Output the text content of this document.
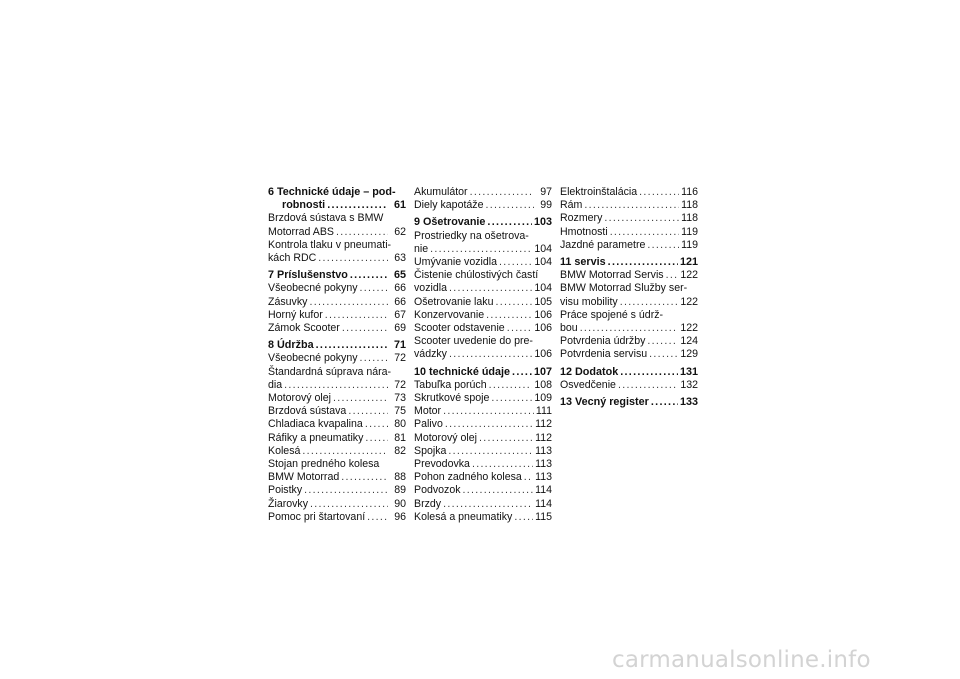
6 Technické údaje – pod-
robnosti .....	61
Brzdová sústava s BMW
Motorrad ABS .....	62
Kontrola tlaku v pneumati-
kách RDC .....	63
7 Príslušenstvo .....	65
Všeobecné pokyny .....	66
Zásuvky .....	66
Horný kufor .....	67
Zámok Scooter .....	69
8 Údržba .....	71
Všeobecné pokyny .....	72
Štandardná súprava nára-
dia .....	72
Motorový olej .....	73
Brzdová sústava .....	75
Chladiaca kvapalina .....	80
Ráfiky a pneumatiky .....	81
Kolesá .....	82
Stojan predného kolesa
BMW Motorrad .....	88
Poistky .....	89
Žiarovky .....	90
Pomoc pri štartovaní .....	96
Akumulátor .....	97
Diely kapotáže .....	99
9 Ošetrovanie .....	103
Prostriedky na ošetrova-
nie .....	104
Umývanie vozidla .....	104
Čistenie chúlostivých častí
vozidla .....	104
Ošetrovanie laku .....	105
Konzervovanie .....	106
Scooter odstavenie .....	106
Scooter uvedenie do pre-
vádzky .....	106
10 technické údaje ..... 107
Tabuľka porúch .....	108
Skrutkové spoje .....	109
Motor .....	111
Palivo .....	112
Motorový olej .....	112
Spojka .....	113
Prevodovka .....	113
Pohon zadného kolesa ..... 113
Podvozok .....	114
Brzdy .....	114
Kolesá a pneumatiky ..... 115
Elektroinštalácia .....	116
Rám .....	118
Rozmery .....	118
Hmotnosti .....	119
Jazdné parametre .....	119
11 servis .....	121
BMW Motorrad Servis ..... 122
BMW Motorrad Služby ser-
visu mobility .....	122
Práce spojené s údrž-
bou .....	122
Potvrdenia údržby .....	124
Potvrdenia servisu .....	129
12 Dodatok .....	131
Osvedčenie .....	132
13 Vecný register .....	133
carmanualsonline.info
